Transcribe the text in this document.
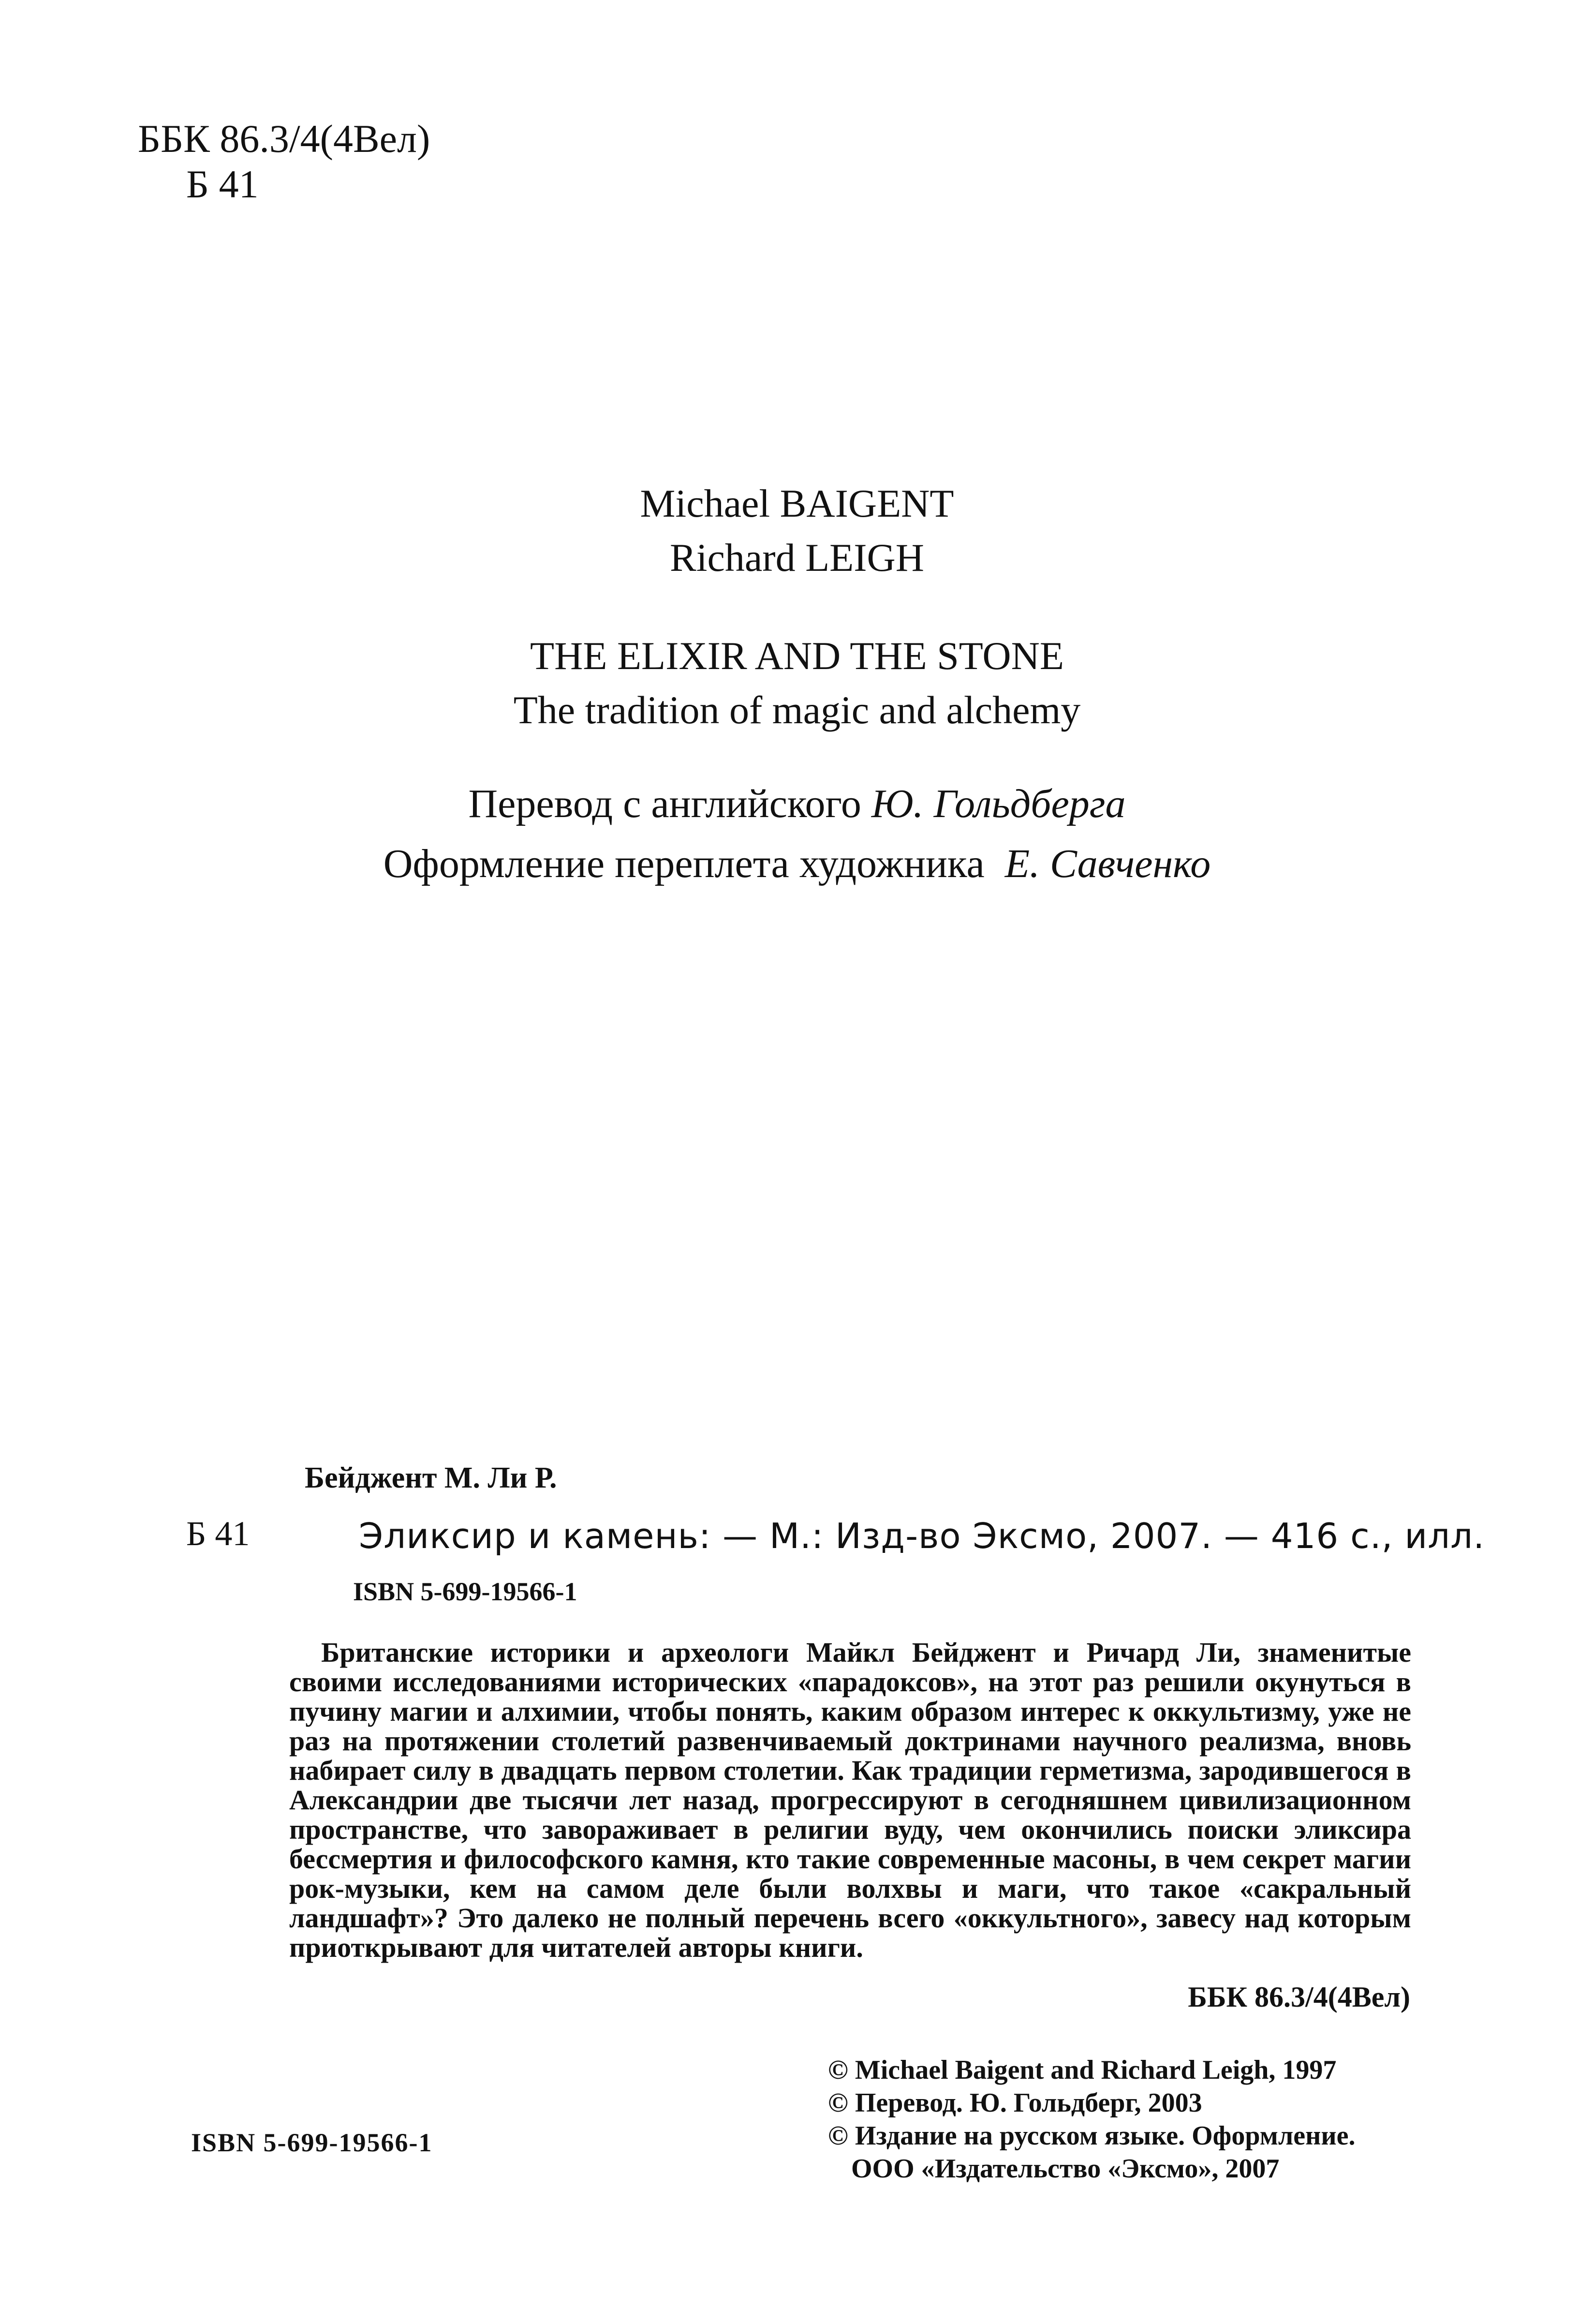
ББК 86.3/4(4Вел)
Б 41
Michael BAIGENT
Richard LEIGH
THE ELIXIR AND THE STONE
The tradition of magic and alchemy
Перевод с английского Ю. Гольдберга
Оформление переплета художника Е. Савченко
Бейджент М. Ли Р.
Б 41	Эликсир и камень: — М.: Изд-во Эксмо, 2007. — 416 с., илл.
ISBN 5-699-19566-1

Британские историки и археологи Майкл Бейджент и Ричард Ли, знаменитые своими исследованиями исторических «парадоксов», на этот раз решили окунуться в пучину магии и алхимии, чтобы понять, каким образом интерес к оккультизму, уже не раз на протяжении столетий развенчиваемый доктринами научного реализма, вновь набирает силу в двадцать первом столетии. Как традиции герметизма, зародившегося в Александрии две тысячи лет назад, прогрессируют в сегодняшнем цивилизационном пространстве, что завораживает в религии вуду, чем окончились поиски эликсира бессмертия и философского камня, кто такие современные масоны, в чем секрет магии рок-музыки, кем на самом деле были волхвы и маги, что такое «сакральный ландшафт»? Это далеко не полный перечень всего «оккультного», завесу над которым приоткрывают для читателей авторы книги.

ББК 86.3/4(4Вел)
© Michael Baigent and Richard Leigh, 1997
© Перевод. Ю. Гольдберг, 2003
© Издание на русском языке. Оформление.
ООО «Издательство «Эксмо», 2007
ISBN 5-699-19566-1
